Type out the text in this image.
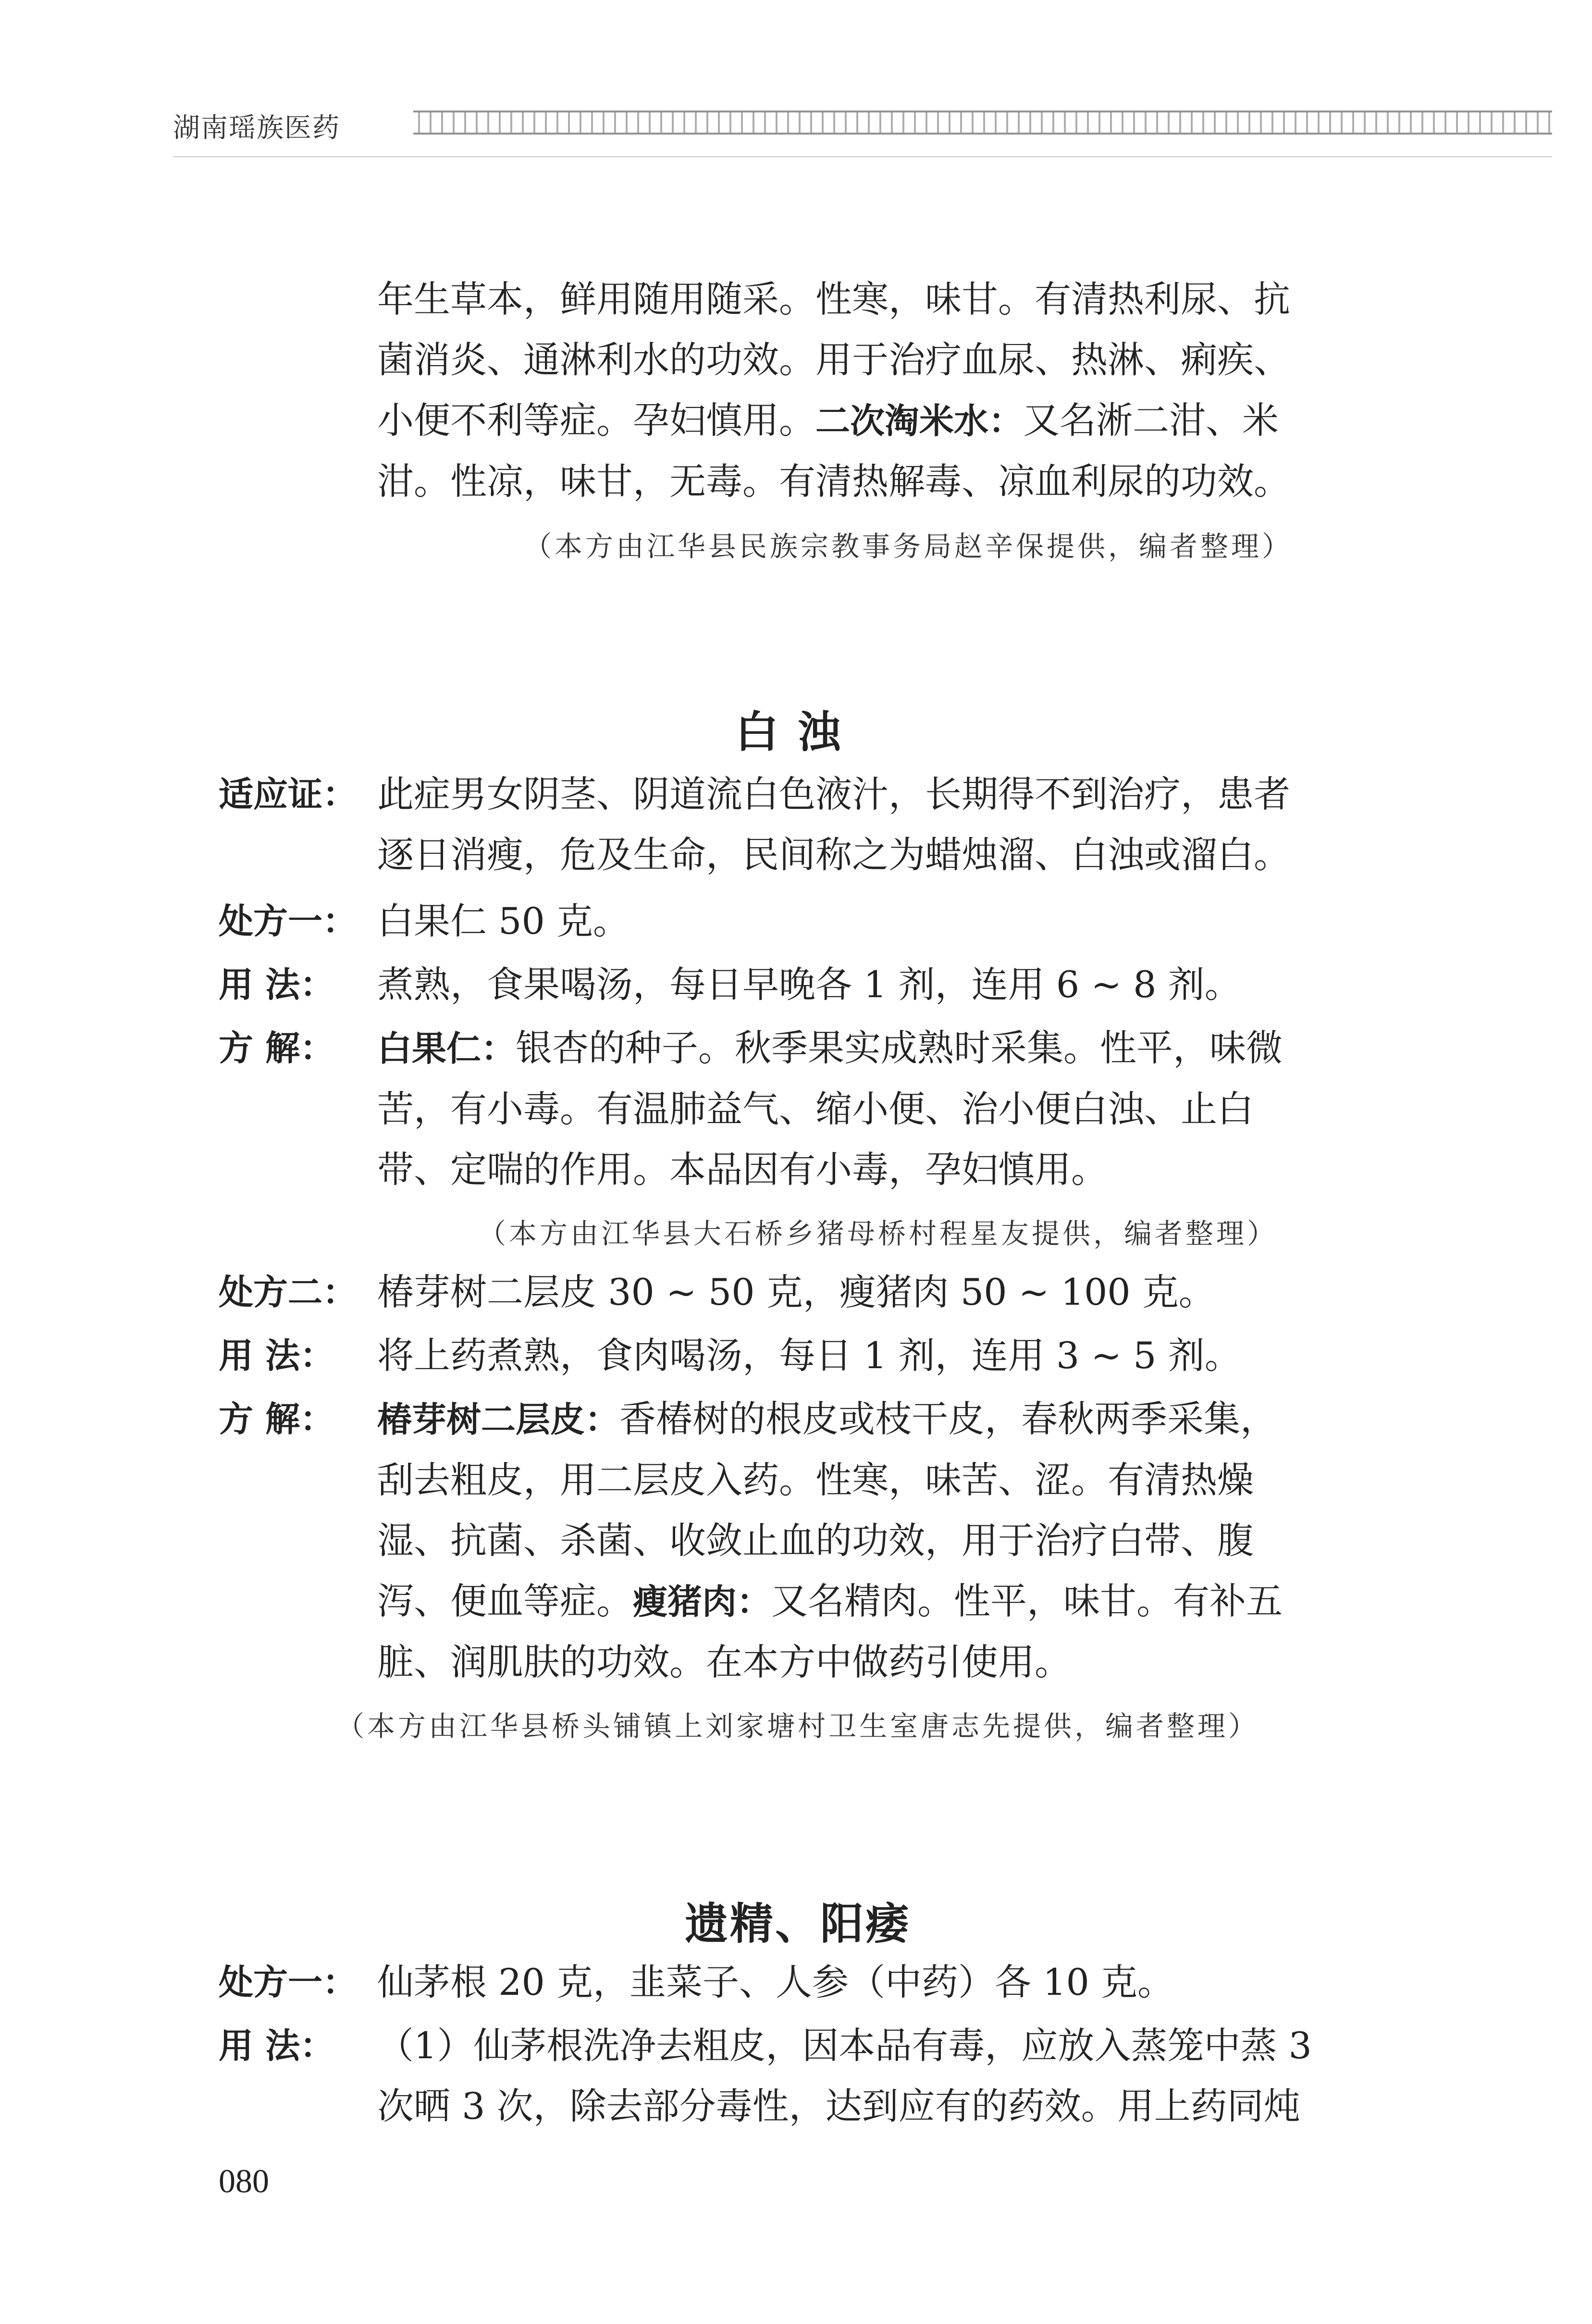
湖南瑶族医药
年生草本，鲜用随用随采。性寒，味甘。有清热利尿、抗
菌消炎、通淋利水的功效。用于治疗血尿、热淋、痢疾、
小便不利等症。孕妇慎用。二次淘米水：又名淅二泔、米
泔。性凉，味甘，无毒。有清热解毒、凉血利尿的功效。
（本方由江华县民族宗教事务局赵辛保提供，编者整理）
白 浊
适应证： 此症男女阴茎、阴道流白色液汁，长期得不到治疗，患者
逐日消瘦，危及生命，民间称之为蜡烛溜、白浊或溜白。
处方一： 白果仁 50 克。
用 法：	煮熟，食果喝汤，每日早晚各 1 剂，连用 6 ~ 8 剂。
方 解：	白果仁：银杏的种子。秋季果实成熟时采集。性平，味微
苦，有小毒。有温肺益气、缩小便、治小便白浊、止白
带、定喘的作用。本品因有小毒，孕妇慎用。
（本方由江华县大石桥乡猪母桥村程星友提供，编者整理）
处方二： 椿芽树二层皮 30 ~ 50 克，瘦猪肉 50 ~ 100 克。
用 法：	将上药煮熟，食肉喝汤，每日 1 剂，连用 3 ~ 5 剂。
方 解：	椿芽树二层皮：香椿树的根皮或枝干皮，春秋两季采集，
刮去粗皮，用二层皮入药。性寒，味苦、涩。有清热燥
湿、抗菌、杀菌、收敛止血的功效，用于治疗白带、腹
泻、便血等症。瘦猪肉：又名精肉。性平，味甘。有补五
脏、润肌肤的功效。在本方中做药引使用。
（本方由江华县桥头铺镇上刘家塘村卫生室唐志先提供，编者整理）
遗精、阳痿
处方一： 仙茅根 20 克，韭菜子、人参（中药）各 10 克。
用 法：	（1）仙茅根洗净去粗皮，因本品有毒，应放入蒸笼中蒸 3
次晒 3 次，除去部分毒性，达到应有的药效。用上药同炖
080
